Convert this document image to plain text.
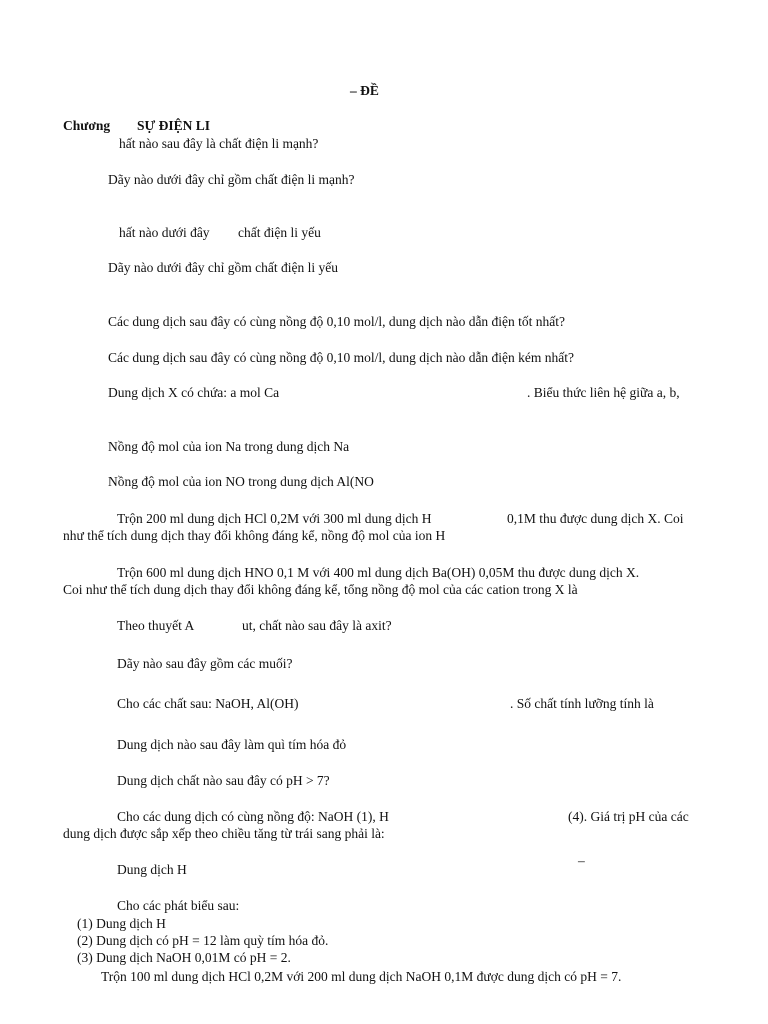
– ĐỀ
Chương SỰ ĐIỆN LI
hất nào sau đây là chất điện li mạnh?
Dãy nào dưới đây chỉ gồm chất điện li mạnh?
hất nào dưới đây chất điện li yếu
Dãy nào dưới đây chỉ gồm chất điện li yếu
Các dung dịch sau đây có cùng nồng độ 0,10 mol/l, dung dịch nào dẫn điện tốt nhất?
Các dung dịch sau đây có cùng nồng độ 0,10 mol/l, dung dịch nào dẫn điện kém nhất?
Dung dịch X có chứa: a mol Ca	. Biểu thức liên hệ giữa a, b,
Nồng độ mol của ion Na trong dung dịch Na
Nồng độ mol của ion NO trong dung dịch Al(NO
Trộn 200 ml dung dịch HCl 0,2M với 300 ml dung dịch H	0,1M thu được dung dịch X. Coi
như thể tích dung dịch thay đổi không đáng kể, nồng độ mol của ion H
Trộn 600 ml dung dịch HNO 0,1 M với 400 ml dung dịch Ba(OH) 0,05M thu được dung dịch X.
Coi như thể tích dung dịch thay đổi không đáng kể, tổng nồng độ mol của các cation trong X là
Theo thuyết A	ut, chất nào sau đây là axit?
Dãy nào sau đây gồm các muối?
Cho các chất sau: NaOH, Al(OH)	. Số chất tính lưỡng tính là
Dung dịch nào sau đây làm quì tím hóa đỏ
Dung dịch chất nào sau đây có pH > 7?
Cho các dung dịch có cùng nồng độ: NaOH (1), H	(4). Giá trị pH của các
dung dịch được sắp xếp theo chiều tăng từ trái sang phải là:
Dung dịch H
–
Cho các phát biểu sau:
(1) Dung dịch H
(2) Dung dịch có pH = 12 làm quỳ tím hóa đỏ.
(3) Dung dịch NaOH 0,01M có pH = 2.
Trộn 100 ml dung dịch HCl 0,2M với 200 ml dung dịch NaOH 0,1M được dung dịch có pH = 7.
